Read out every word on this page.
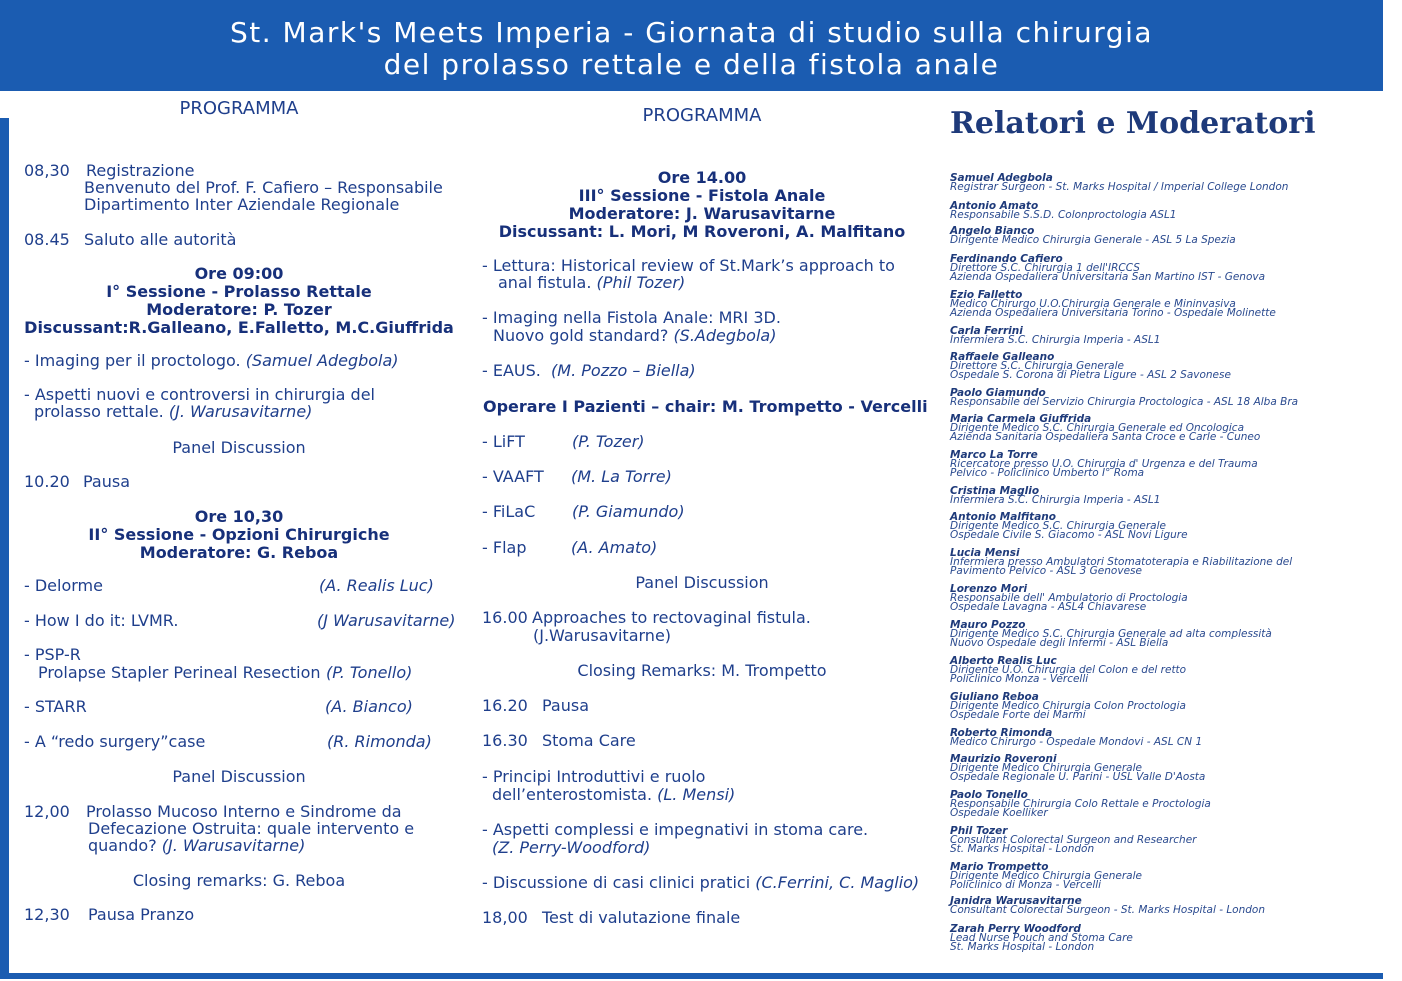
St. Mark's Meets Imperia - Giornata di studio sulla chirurgia
del prolasso rettale e della fistola anale
PROGRAMMA
08,30 Registrazione
Benvenuto del Prof. F. Cafiero – Responsabile
Dipartimento Inter Aziendale Regionale
08.45 Saluto alle autorità
Ore 09:00
I° Sessione - Prolasso Rettale
Moderatore: P. Tozer
Discussant:R.Galleano, E.Falletto, M.C.Giuffrida
- Imaging per il proctologo. (Samuel Adegbola)
- Aspetti nuovi e controversi in chirurgia del
prolasso rettale. (J. Warusavitarne)
Panel Discussion
10.20 Pausa
Ore 10,30
II° Sessione - Opzioni Chirurgiche
Moderatore: G. Reboa
- Delorme	(A. Realis Luc)
- How I do it: LVMR.	(J Warusavitarne)
- PSP-R
Prolapse Stapler Perineal Resection (P. Tonello)
- STARR	(A. Bianco)
- A “redo surgery”case	(R. Rimonda)
Panel Discussion
12,00 Prolasso Mucoso Interno e Sindrome da
Defecazione Ostruita: quale intervento e
quando? (J. Warusavitarne)
Closing remarks: G. Reboa
12,30 Pausa Pranzo
PROGRAMMA
Ore 14.00
III° Sessione - Fistola Anale
Moderatore: J. Warusavitarne
Discussant: L. Mori, M Roveroni, A. Malfitano
- Lettura: Historical review of St.Mark’s approach to
anal fistula. (Phil Tozer)
- Imaging nella Fistola Anale: MRI 3D.
Nuovo gold standard? (S.Adegbola)
- EAUS. (M. Pozzo – Biella)
Operare I Pazienti – chair: M. Trompetto - Vercelli
- LiFT	(P. Tozer)
- VAAFT (M. La Torre)
- FiLaC (P. Giamundo)
- Flap	(A. Amato)
Panel Discussion
16.00 Approaches to rectovaginal fistula.
(J.Warusavitarne)
Closing Remarks: M. Trompetto
16.20 Pausa
16.30 Stoma Care
- Principi Introduttivi e ruolo
dell’enterostomista. (L. Mensi)
- Aspetti complessi e impegnativi in stoma care.
(Z. Perry-Woodford)
- Discussione di casi clinici pratici (C.Ferrini, C. Maglio)
18,00 Test di valutazione finale
Relatori e Moderatori
Samuel Adegbola
Registrar Surgeon - St. Marks Hospital / Imperial College London
Antonio Amato
Responsabile S.S.D. Colonproctologia ASL1
Angelo Bianco
Dirigente Medico Chirurgia Generale - ASL 5 La Spezia
Ferdinando Cafiero
Direttore S.C. Chirurgia 1 dell'IRCCS
Azienda Ospedaliera Universitaria San Martino IST - Genova
Ezio Falletto
Medico Chirurgo U.O.Chirurgia Generale e Mininvasiva
Azienda Ospedaliera Universitaria Torino - Ospedale Molinette
Carla Ferrini
Infermiera S.C. Chirurgia Imperia - ASL1
Raffaele Galleano
Direttore S.C. Chirurgia Generale
Ospedale S. Corona di Pietra Ligure - ASL 2 Savonese
Paolo Giamundo
Responsabile del Servizio Chirurgia Proctologica - ASL 18 Alba Bra
Maria Carmela Giuffrida
Dirigente Medico S.C. Chirurgia Generale ed Oncologica
Azienda Sanitaria Ospedaliera Santa Croce e Carle - Cuneo
Marco La Torre
Ricercatore presso U.O. Chirurgia d' Urgenza e del Trauma
Pelvico - Policlinico Umberto I° Roma
Cristina Maglio
Infermiera S.C. Chirurgia Imperia - ASL1
Antonio Malfitano
Dirigente Medico S.C. Chirurgia Generale
Ospedale Civile S. Giacomo - ASL Novi Ligure
Lucia Mensi
Infermiera presso Ambulatori Stomatoterapia e Riabilitazione del
Pavimento Pelvico - ASL 3 Genovese
Lorenzo Mori
Responsabile dell' Ambulatorio di Proctologia
Ospedale Lavagna - ASL4 Chiavarese
Mauro Pozzo
Dirigente Medico S.C. Chirurgia Generale ad alta complessità
Nuovo Ospedale degli Infermi - ASL Biella
Alberto Realis Luc
Dirigente U.O. Chirurgia del Colon e del retto
Policlinico Monza - Vercelli
Giuliano Reboa
Dirigente Medico Chirurgia Colon Proctologia
Ospedale Forte dei Marmi
Roberto Rimonda
Medico Chirurgo - Ospedale Mondovi - ASL CN 1
Maurizio Roveroni
Dirigente Medico Chirurgia Generale
Ospedale Regionale U. Parini - USL Valle D'Aosta
Paolo Tonello
Responsabile Chirurgia Colo Rettale e Proctologia
Ospedale Koelliker
Phil Tozer
Consultant Colorectal Surgeon and Researcher
St. Marks Hospital - London
Mario Trompetto
Dirigente Medico Chirurgia Generale
Policlinico di Monza - Vercelli
Janidra Warusavitarne
Consultant Colorectal Surgeon - St. Marks Hospital - London
Zarah Perry Woodford
Lead Nurse Pouch and Stoma Care
St. Marks Hospital - London
